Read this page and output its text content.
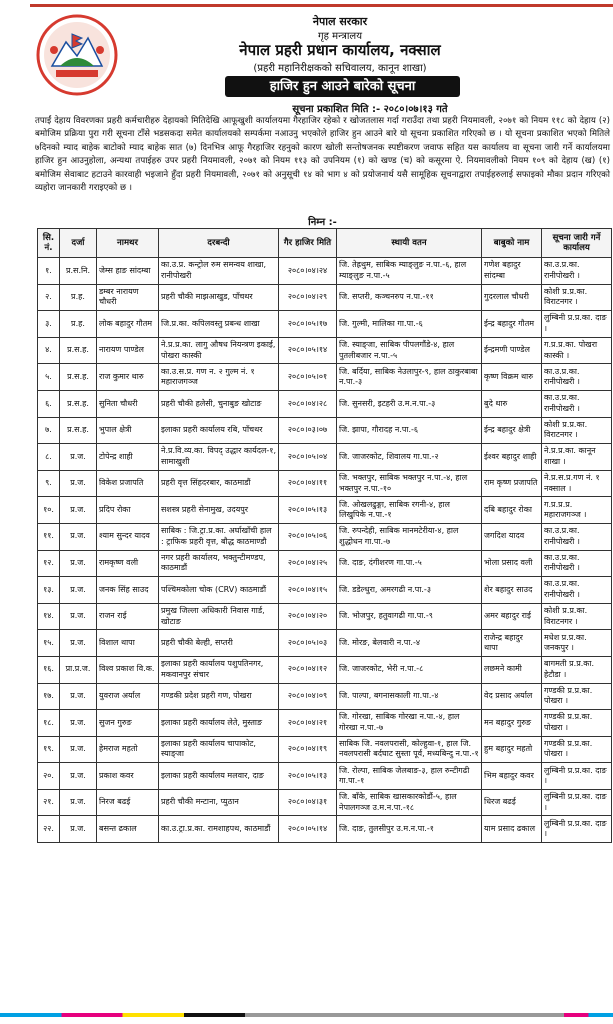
नेपाल सरकार
गृह मन्त्रालय
नेपाल प्रहरी प्रधान कार्यालय, नक्साल
(प्रहरी महानिरीक्षकको सचिवालय, कानून शाखा)
हाजिर हुन आउने बारेको सूचना
सूचना प्रकाशित मिति :- २०८०।०७।१३ गते
तपाईं देहाय विवरणका प्रहरी कर्मचारीहरु देहायको मितिदेखि आफूखुशी कार्यालयमा गैरहाजिर रहेको र खोजतलास गर्दा गराउँदा तथा प्रहरी नियमावली, २०७१ को नियम ११८ को देहाय (२) बमोजिम प्रक्रिया पुरा गरी सूचना टाँसे भडसकदा समेत कार्यालयको सम्पर्कमा नआउनु भएकोले हाजिर हुन आउने बारे यो सूचना प्रकाशित गरिएको छ । यो सूचना प्रकाशित भएको मितिले ७दिनको म्याद बाहेक बाटोको म्याद बाहेक सात (७) दिनभित्र आफू गैरहाजिर रहनुको कारण खोली सन्तोषजनक स्पष्टीकरण जवाफ सहित यस कार्यालय वा सूचना जारी गर्ने कार्यालयमा हाजिर हुन आउनुहोला, अन्यथा तपाईहरु उपर प्रहरी नियमावली, २०७१ को नियम ११३ को उपनियम (१) को खण्ड (च) को कसूरमा ऐ. नियमावलीको नियम १०९ को देहाय (ख) (१) बमोजिम सेवाबाट हटाउने कारवाही भइजाने हुँदा प्रहरी नियमावली, २०७१ को अनुसूची १४ को भाग ४ को प्रयोजनार्थ यसै सामूहिक सूचनाद्वारा तपाईहरुलाई सफाइको मौका प्रदान गरिएको व्यहोरा जानकारी गराइएको छ ।
निम्न :-
सि. नं.	दर्जा	नामथर	दरबन्दी	गैर हाजिर मिति	स्थायी वतन	बाबुको नाम	सूचना जारी गर्ने कार्यालय
१.	प्र.स.नि.	जेम्स हाङ सांदम्बा	का.उ.प्र. कन्ट्रोल रुम समन्वय शाखा, रानीपोखरी	२०८०।०४।२४	जि. तेह्रथुम, साबिक म्याङ्लुङ न.पा.-६, हाल म्याङ्लुङ न.पा.-५	गणेश बहादुर सांदम्बा	का.उ.प्र.का. रानीपोखरी ।
२.	प्र.ह.	डम्बर नारायण चौधरी	प्रहरी चौकी माझआखुड, पाँचथर	२०८०।०४।२९	जि. सप्तरी, कञ्चनरुप न.पा.-११	गुदरलाल चौधरी	कोशी प्र.प्र.का. विराटनगर ।
३.	प्र.ह.	लोक बहादुर गौतम	जि.प्र.का. कपिलवस्तु प्रबन्ध शाखा	२०८०।०५।१७	जि. गुल्मी, मालिका गा.पा.-६	ईन्द्र बहादुर गौतम	लुम्बिनी प्र.प्र.का. दाङ ।
४.	प्र.स.ह.	नारायण पाण्डेल	ने.प्र.प्र.का. लागु औषध नियन्त्रण इकाई, पोखरा कास्की	२०८०।०५।१४	जि. स्याङ्जा, साबिक पीपलगौंडे-४, हाल पुतलीबजार न.पा.-५	ईन्द्रमणी पाण्डेल	ग.प्र.प्र.का. पोखरा कास्की ।
५.	प्र.स.ह.	राज कुमार थारु	का.उ.स.प्र. गण न. २ गुल्म नं. १ महाराजगञ्ज	२०८०।०५।०१	जि. बर्दिया, साबिक नेउलापुर-९, हाल ठाकुरबाबा न.पा.-३	कृष्ण विक्रम थारु	का.उ.प्र.का. रानीपोखरी ।
६.	प्र.स.ह.	सुनिता चौधरी	प्रहरी चौकी हलेसी, चुनाबुङ खोटाङ	२०८०।०४।२८	जि. सुनसरी, इटहरी उ.म.न.पा.-३	बुदे थारु	का.उ.प्र.का. रानीपोखरी ।
७.	प्र.स.ह.	भुपाल क्षेत्री	इलाका प्रहरी कार्यालय रबि, पाँचथर	२०८०।०३।०७	जि. झापा, गौरादह न.पा.-६	ईन्द्र बहादुर क्षेत्री	कोशी प्र.प्र.का. विराटनगर ।
८.	प्र.ज.	टोपेन्द्र शाही	ने.प्र.वि.व्य.का. विपद् उद्धार कार्यदल-१, सामाखुशी	२०८०।०५।०४	जि. जाजरकोट, शिवालय गा.पा.-२	ईश्वर बहादुर शाही	ने.प्र.प्र.का. कानून शाखा ।
९.	प्र.ज.	विकेश प्रजापति	प्रहरी वृत्त सिंहदरबार, काठमाडौं	२०८०।०४।११	जि. भक्तपुर, साबिक भक्तपुर न.पा.-४, हाल भक्तपुर न.पा.-१०	राम कृष्ण प्रजापति	ने.प्र.स.प्र.गण नं. १ नक्साल ।
१०.	प्र.ज.	प्रदिप रोका	सशस्त्र प्रहरी सेनामुख, उदयपुर	२०८०।०५।१३	जि. ओखलढुङ्गा, साबिक रगनी-४, हाल लिखुपिके न.पा.-१	दबि बहादुर रोका	ग.प्र.प्र.प्र. महाराजगञ्ज ।
११.	प्र.ज.	श्याम सुन्दर यादव	साबिक : जि.ट्रा.प्र.का. अर्घाखाँची हाल : ट्राफिक प्रहरी वृत्त, बौद्ध काठमाण्डौ	२०८०।०५।०६	जि. रुपन्देही, साबिक मानमटेरीया-४, हाल शुद्धोधन गा.पा.-७	जगदिश यादव	का.उ.प्र.का. रानीपोखरी ।
१२.	प्र.ज.	रामकृष्ण वली	नगर प्रहरी कार्यालय, भक्तुन्टीमण्डप, काठमाडौं	२०८०।०४।२५	जि. दाङ, दंगीशरण गा.पा.-५	भोला प्रसाद वली	का.उ.प्र.का. रानीपोखरी ।
१३.	प्र.ज.	जनक सिंह साउद	पश्चिमकोला चोक (CRV) काठमाडौं	२०८०।०४।१५	जि. डडेल्धुरा, अमरगढी न.पा.-३	शेर बहादुर साउद	का.उ.प्र.का. रानीपोखरी ।
१४.	प्र.ज.	राजन राई	प्रमुख जिल्ला अधिकारी निवास गार्ड, खोटाङ	२०८०।०४।२०	जि. भोजपुर, हतुवागढी गा.पा.-९	अमर बहादुर राई	कोशी प्र.प्र.का. विराटनगर ।
१५.	प्र.ज.	विशाल थापा	प्रहरी चौकी बेल्ही, सप्तरी	२०८०।०५।०३	जि. मोरङ, बेलवारी न.पा.-४	राजेन्द्र बहादुर थापा	मधेश प्र.प्र.का. जनकपुर ।
१६.	प्रा.प्र.ज.	विश्व प्रकाश वि.क.	इलाका प्रहरी कार्यालय पशुपतिनगर, मकवानपुर संचार	२०८०।०४।१२	जि. जाजरकोट, भेरी न.पा.-८	लछमने कामी	बागमती प्र.प्र.का. हेटौडा ।
१७.	प्र.ज.	युवराज अर्याल	गण्डकी प्रदेश प्रहरी गण, पोखरा	२०८०।०४।०९	जि. पाल्पा, बगनासकाली गा.पा.-४	वेद प्रसाद अर्याल	गण्डकी प्र.प्र.का. पोखरा ।
१८.	प्र.ज.	सुजन गुरुङ	इलाका प्रहरी कार्यालय लेते, मुस्ताङ	२०८०।०४।२१	जि. गोरखा, साबिक गोरखा न.पा.-४, हाल गोरखा न.पा.-७	मन बहादुर गुरुङ	गण्डकी प्र.प्र.का. पोखरा ।
१९.	प्र.ज.	हेमराज महतो	इलाका प्रहरी कार्यालय चापाकोट, स्याङ्जा	२०८०।०४।१९	साबिक जि. नवलपरासी, कोल्हुवा-१, हाल जि. नवलपरासी बर्दघाट सुस्ता पूर्व, मध्यबिन्दु न.पा.-१	हुम बहादुर महतो	गण्डकी प्र.प्र.का. पोखरा ।
२०.	प्र.ज.	प्रकाश कवर	इलाका प्रहरी कार्यालय मलवार, दाङ	२०८०।०५।१३	जि. रोल्पा, साबिक जेलबाङ-३, हाल रुन्टीगढी गा.पा.-१	भिम बहादुर कवर	लुम्बिनी प्र.प्र.का. दाङ ।
२१.	प्र.ज.	निरज बढई	प्रहरी चौकी मन्टाना, प्युठान	२०८०।०४।३१	जि. बाँके, साबिक खासकारकोडौं-५, हाल नेपालगञ्ज उ.म.न.पा.-१८	धिरज बढई	लुम्बिनी प्र.प्र.का. दाङ ।
२२.	प्र.ज.	बसन्त ढकाल	का.उ.ट्रा.प्र.का. रामशाहपथ, काठमाडौं	२०८०।०५।१४	जि. दाङ, तुलसीपुर उ.म.न.पा.-१	याम प्रसाद ढकाल	लुम्बिनी प्र.प्र.का. दाङ ।
